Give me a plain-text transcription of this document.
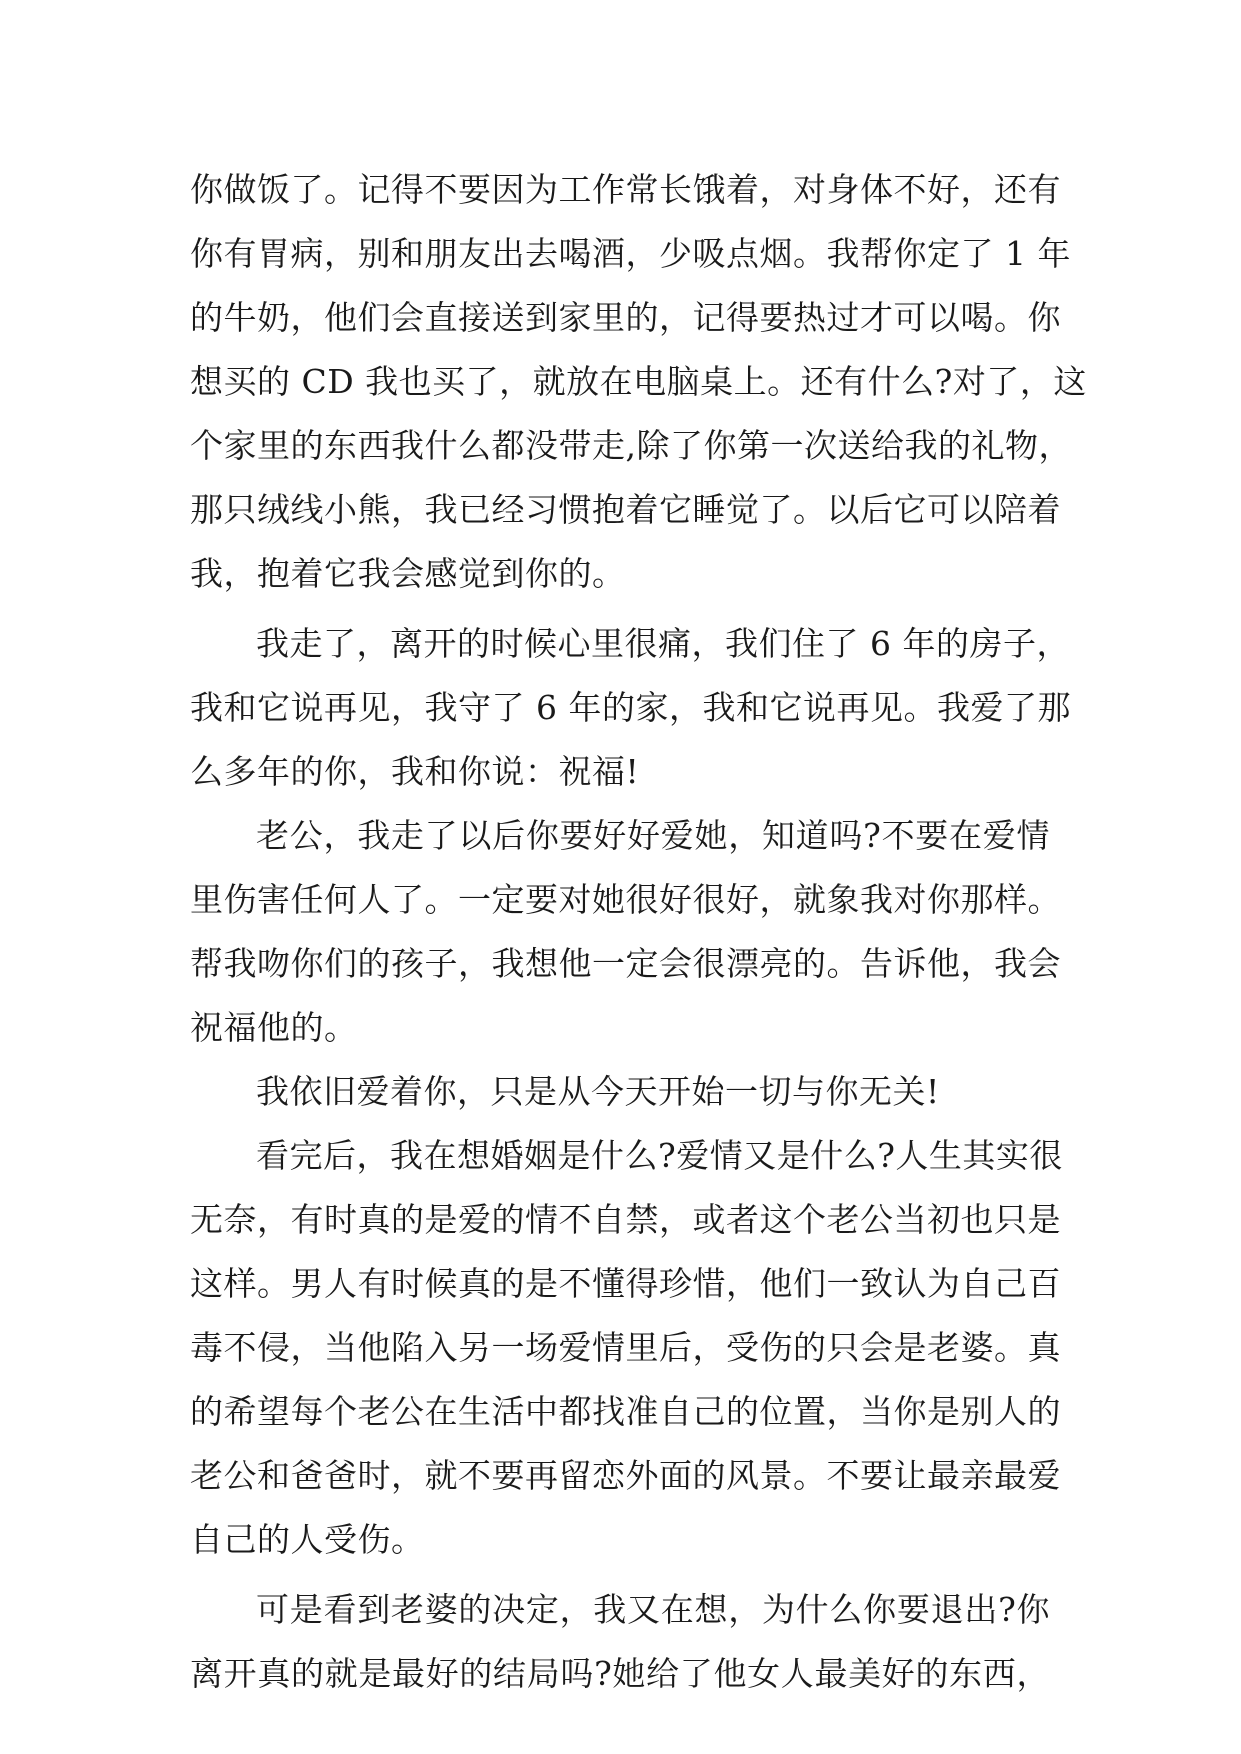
你做饭了。记得不要因为工作常长饿着，对身体不好，还有
你有胃病，别和朋友出去喝酒，少吸点烟。我帮你定了 1 年
的牛奶，他们会直接送到家里的，记得要热过才可以喝。你
想买的 CD 我也买了，就放在电脑桌上。还有什么?对了，这
个家里的东西我什么都没带走,除了你第一次送给我的礼物，
那只绒线小熊，我已经习惯抱着它睡觉了。以后它可以陪着
我，抱着它我会感觉到你的。
我走了，离开的时候心里很痛，我们住了 6 年的房子，
我和它说再见，我守了 6 年的家，我和它说再见。我爱了那
么多年的你，我和你说：祝福!
老公，我走了以后你要好好爱她，知道吗?不要在爱情
里伤害任何人了。一定要对她很好很好，就象我对你那样。
帮我吻你们的孩子，我想他一定会很漂亮的。告诉他，我会
祝福他的。
我依旧爱着你，只是从今天开始一切与你无关!
看完后，我在想婚姻是什么?爱情又是什么?人生其实很
无奈，有时真的是爱的情不自禁，或者这个老公当初也只是
这样。男人有时候真的是不懂得珍惜，他们一致认为自己百
毒不侵，当他陷入另一场爱情里后，受伤的只会是老婆。真
的希望每个老公在生活中都找准自己的位置，当你是别人的
老公和爸爸时，就不要再留恋外面的风景。不要让最亲最爱
自己的人受伤。
可是看到老婆的决定，我又在想，为什么你要退出?你
离开真的就是最好的结局吗?她给了他女人最美好的东西，
